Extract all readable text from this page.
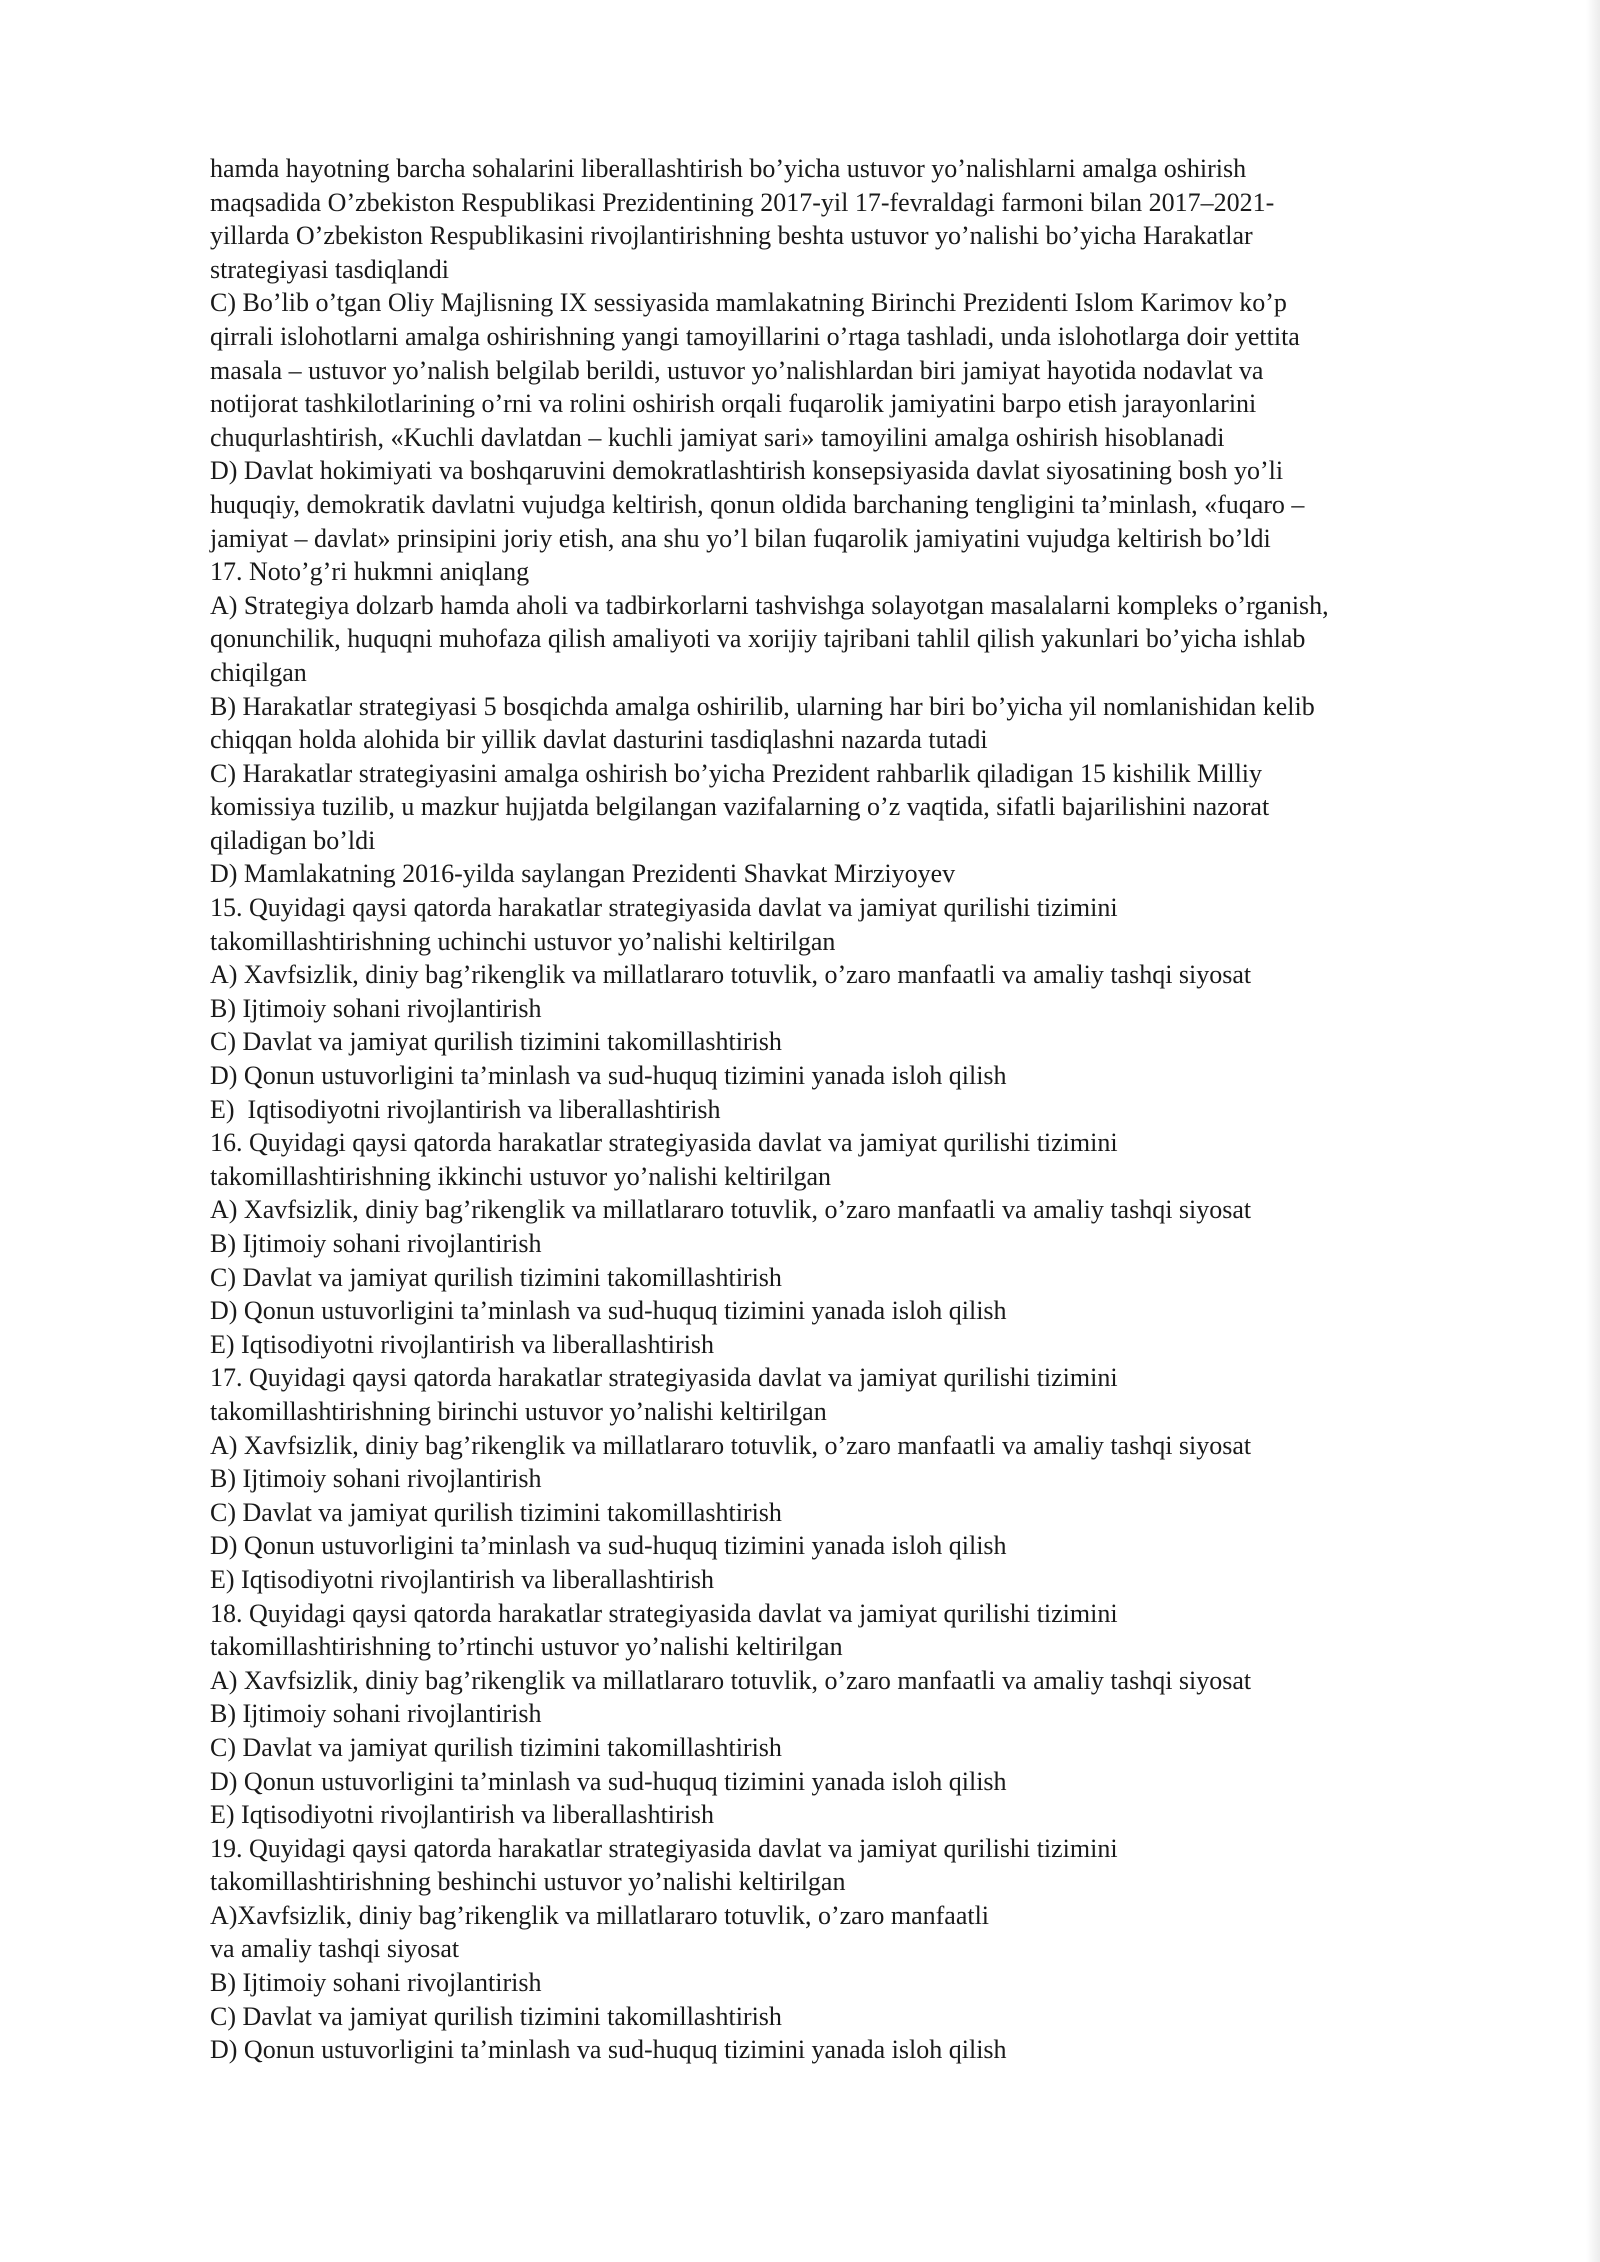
hamda hayotning barcha sohalarini liberallashtirish bo’yicha ustuvor yo’nalishlarni amalga oshirish
maqsadida O’zbekiston Respublikasi Prezidentining 2017-yil 17-fevraldagi farmoni bilan 2017–2021-
yillarda O’zbekiston Respublikasini rivojlantirishning beshta ustuvor yo’nalishi bo’yicha Harakatlar
strategiyasi tasdiqlandi
C) Bo’lib o’tgan Oliy Majlisning IX sessiyasida mamlakatning Birinchi Prezidenti Islom Karimov ko’p
qirrali islohotlarni amalga oshirishning yangi tamoyillarini o’rtaga tashladi, unda islohotlarga doir yettita
masala – ustuvor yo’nalish belgilab berildi, ustuvor yo’nalishlardan biri jamiyat hayotida nodavlat va
notijorat tashkilotlarining o’rni va rolini oshirish orqali fuqarolik jamiyatini barpo etish jarayonlarini
chuqurlashtirish, «Kuchli davlatdan – kuchli jamiyat sari» tamoyilini amalga oshirish hisoblanadi
D) Davlat hokimiyati va boshqaruvini demokratlashtirish konsepsiyasida davlat siyosatining bosh yo’li
huquqiy, demokratik davlatni vujudga keltirish, qonun oldida barchaning tengligini ta’minlash, «fuqaro –
jamiyat – davlat» prinsipini joriy etish, ana shu yo’l bilan fuqarolik jamiyatini vujudga keltirish bo’ldi
17. Noto’g’ri hukmni aniqlang
A) Strategiya dolzarb hamda aholi va tadbirkorlarni tashvishga solayotgan masalalarni kompleks o’rganish,
qonunchilik, huquqni muhofaza qilish amaliyoti va xorijiy tajribani tahlil qilish yakunlari bo’yicha ishlab
chiqilgan
B) Harakatlar strategiyasi 5 bosqichda amalga oshirilib, ularning har biri bo’yicha yil nomlanishidan kelib
chiqqan holda alohida bir yillik davlat dasturini tasdiqlashni nazarda tutadi
C) Harakatlar strategiyasini amalga oshirish bo’yicha Prezident rahbarlik qiladigan 15 kishilik Milliy
komissiya tuzilib, u mazkur hujjatda belgilangan vazifalarning o’z vaqtida, sifatli bajarilishini nazorat
qiladigan bo’ldi
D) Mamlakatning 2016-yilda saylangan Prezidenti Shavkat Mirziyoyev
15. Quyidagi qaysi qatorda harakatlar strategiyasida davlat va jamiyat qurilishi tizimini
takomillashtirishning uchinchi ustuvor yo’nalishi keltirilgan
A) Xavfsizlik, diniy bag’rikenglik va millatlararo totuvlik, o’zaro manfaatli va amaliy tashqi siyosat
B) Ijtimoiy sohani rivojlantirish
C) Davlat va jamiyat qurilish tizimini takomillashtirish
D) Qonun ustuvorligini ta’minlash va sud-huquq tizimini yanada isloh qilish
E)  Iqtisodiyotni rivojlantirish va liberallashtirish
16. Quyidagi qaysi qatorda harakatlar strategiyasida davlat va jamiyat qurilishi tizimini
takomillashtirishning ikkinchi ustuvor yo’nalishi keltirilgan
A) Xavfsizlik, diniy bag’rikenglik va millatlararo totuvlik, o’zaro manfaatli va amaliy tashqi siyosat
B) Ijtimoiy sohani rivojlantirish
C) Davlat va jamiyat qurilish tizimini takomillashtirish
D) Qonun ustuvorligini ta’minlash va sud-huquq tizimini yanada isloh qilish
E) Iqtisodiyotni rivojlantirish va liberallashtirish
17. Quyidagi qaysi qatorda harakatlar strategiyasida davlat va jamiyat qurilishi tizimini
takomillashtirishning birinchi ustuvor yo’nalishi keltirilgan
A) Xavfsizlik, diniy bag’rikenglik va millatlararo totuvlik, o’zaro manfaatli va amaliy tashqi siyosat
B) Ijtimoiy sohani rivojlantirish
C) Davlat va jamiyat qurilish tizimini takomillashtirish
D) Qonun ustuvorligini ta’minlash va sud-huquq tizimini yanada isloh qilish
E) Iqtisodiyotni rivojlantirish va liberallashtirish
18. Quyidagi qaysi qatorda harakatlar strategiyasida davlat va jamiyat qurilishi tizimini
takomillashtirishning to’rtinchi ustuvor yo’nalishi keltirilgan
A) Xavfsizlik, diniy bag’rikenglik va millatlararo totuvlik, o’zaro manfaatli va amaliy tashqi siyosat
B) Ijtimoiy sohani rivojlantirish
C) Davlat va jamiyat qurilish tizimini takomillashtirish
D) Qonun ustuvorligini ta’minlash va sud-huquq tizimini yanada isloh qilish
E) Iqtisodiyotni rivojlantirish va liberallashtirish
19. Quyidagi qaysi qatorda harakatlar strategiyasida davlat va jamiyat qurilishi tizimini
takomillashtirishning beshinchi ustuvor yo’nalishi keltirilgan
A)Xavfsizlik, diniy bag’rikenglik va millatlararo totuvlik, o’zaro manfaatli
va amaliy tashqi siyosat
B) Ijtimoiy sohani rivojlantirish
C) Davlat va jamiyat qurilish tizimini takomillashtirish
D) Qonun ustuvorligini ta’minlash va sud-huquq tizimini yanada isloh qilish
